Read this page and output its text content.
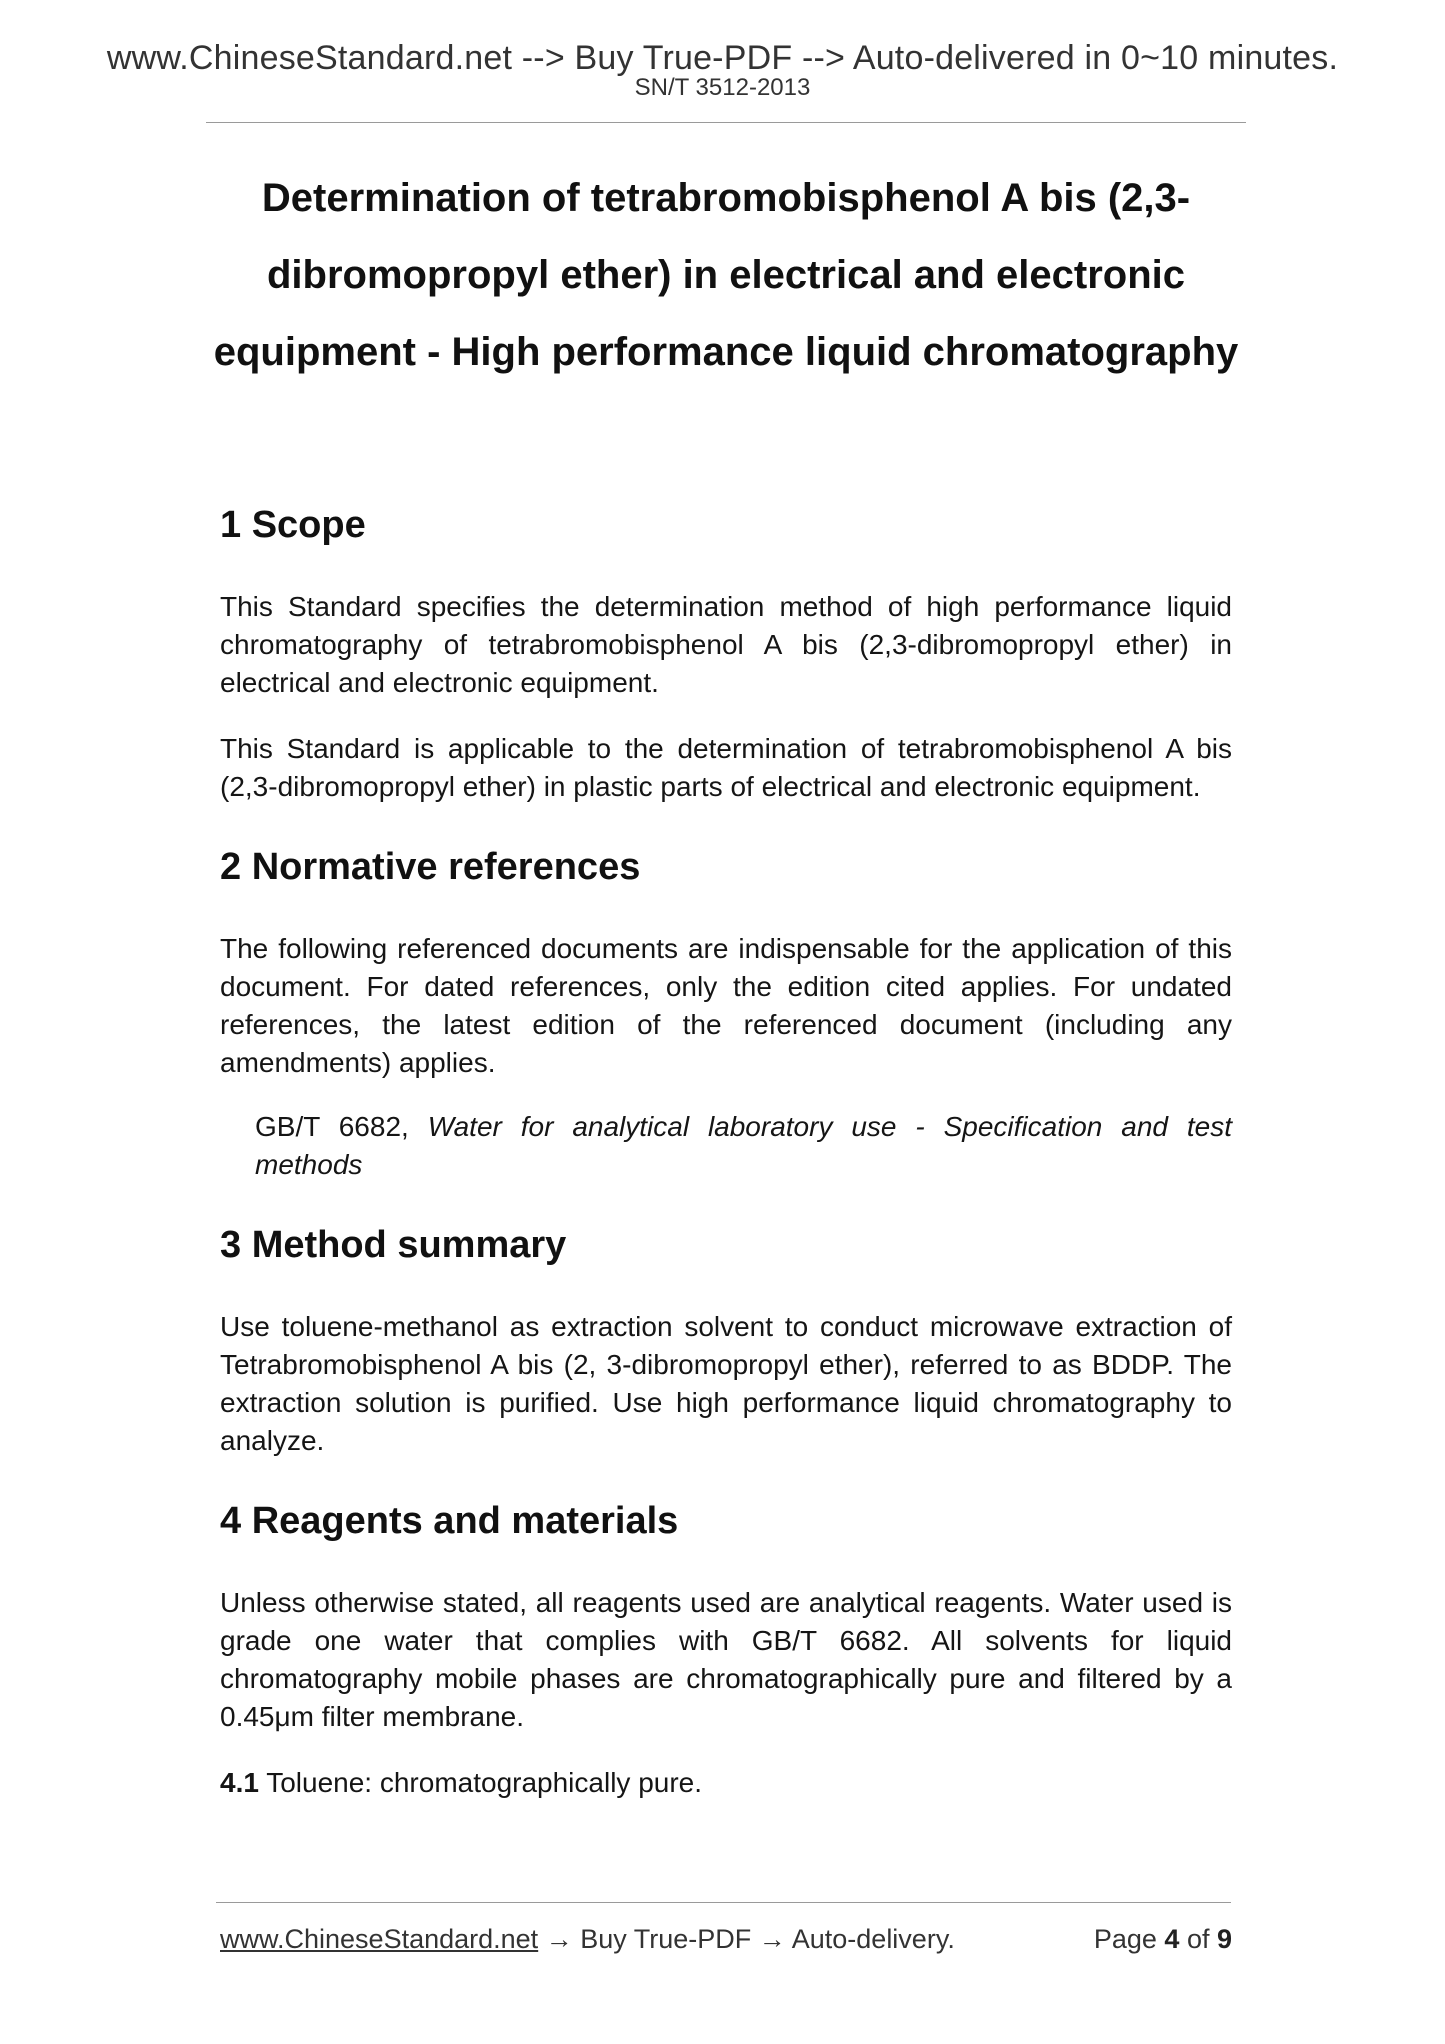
www.ChineseStandard.net --> Buy True-PDF --> Auto-delivered in 0~10 minutes.
SN/T 3512-2013
Determination of tetrabromobisphenol A bis (2,3-
dibromopropyl ether) in electrical and electronic
equipment - High performance liquid chromatography
1 Scope

This Standard specifies the determination method of high performance liquid chromatography of tetrabromobisphenol A bis (2,3-dibromopropyl ether) in electrical and electronic equipment.

This Standard is applicable to the determination of tetrabromobisphenol A bis (2,3-dibromopropyl ether) in plastic parts of electrical and electronic equipment.

2 Normative references

The following referenced documents are indispensable for the application of this document. For dated references, only the edition cited applies. For undated references, the latest edition of the referenced document (including any amendments) applies.

GB/T 6682, Water for analytical laboratory use - Specification and test methods

3 Method summary

Use toluene-methanol as extraction solvent to conduct microwave extraction of Tetrabromobisphenol A bis (2, 3-dibromopropyl ether), referred to as BDDP. The extraction solution is purified. Use high performance liquid chromatography to analyze.

4 Reagents and materials

Unless otherwise stated, all reagents used are analytical reagents. Water used is grade one water that complies with GB/T 6682. All solvents for liquid chromatography mobile phases are chromatographically pure and filtered by a 0.45μm filter membrane.

4.1 Toluene: chromatographically pure.

www.ChineseStandard.net → Buy True-PDF → Auto-delivery.	Page 4 of 9
